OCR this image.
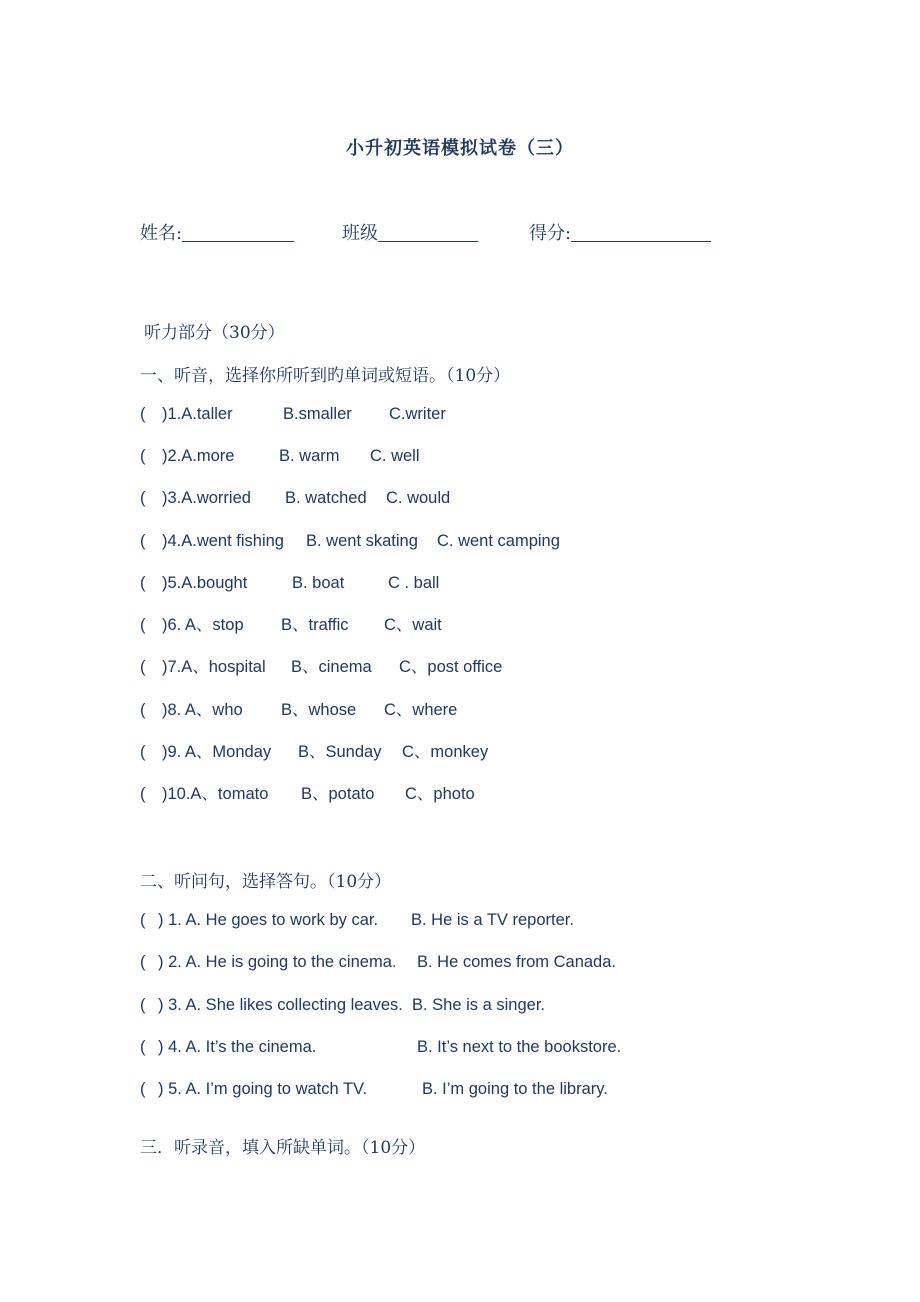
小升初英语模拟试卷（三）
姓名:	班级	得分:
听力部分（30分）
一、听音，选择你所听到旳单词或短语。（10分）
( )1.A.taller	B.smaller C.writer
( )2.A.more	B. warm C. well
( )3.A.worried B. watched C. would
( )4.A.went fishing B. went skating C. went camping
( )5.A.bought	B. boat	C . ball
( )6. A、stop B、traffic C、wait
( )7.A、hospital B、cinema C、post office
( )8. A、who B、whose C、where
( )9. A、Monday B、Sunday C、monkey
( )10.A、tomato B、potato C、photo
二、听问句，选择答句。（10分）
( ) 1. A. He goes to work by car. B. He is a TV reporter.
( ) 2. A. He is going to the cinema. B. He comes from Canada.
( ) 3. A. She likes collecting leaves. B. She is a singer.
( ) 4. A. It’s the cinema.	B. It’s next to the bookstore.
( ) 5. A. I’m going to watch TV.	B. I’m going to the library.
三．听录音，填入所缺单词。（10分）
